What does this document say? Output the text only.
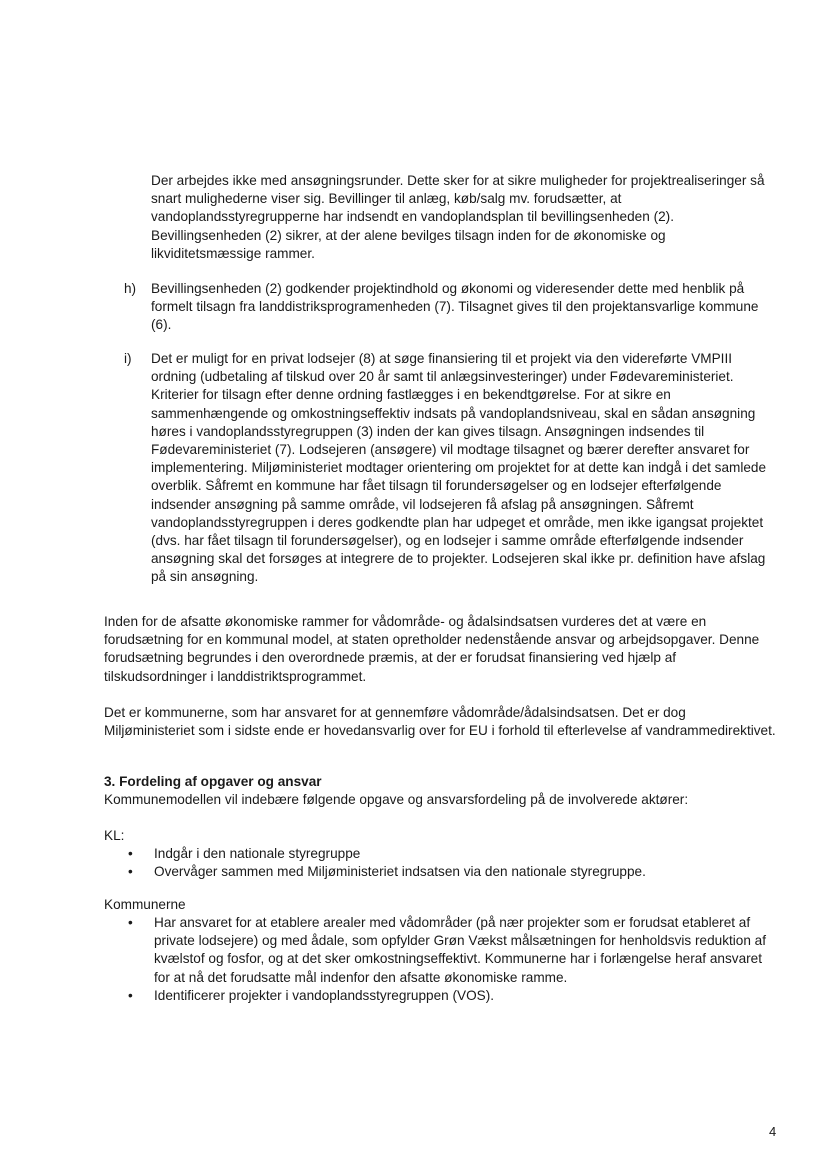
Der arbejdes ikke med ansøgningsrunder. Dette sker for at sikre muligheder for projektrealiseringer så snart mulighederne viser sig. Bevillinger til anlæg, køb/salg mv. forudsætter, at vandoplandsstyregrupperne har indsendt en vandoplandsplan til bevillingsenheden (2). Bevillingsenheden (2) sikrer, at der alene bevilges tilsagn inden for de økonomiske og likviditetsmæssige rammer.

h)	Bevillingsenheden (2) godkender projektindhold og økonomi og videresender dette med henblik på formelt tilsagn fra landdistriksprogramenheden (7). Tilsagnet gives til den projektansvarlige kommune (6).

i)	Det er muligt for en privat lodsejer (8) at søge finansiering til et projekt via den videreførte VMPIII ordning (udbetaling af tilskud over 20 år samt til anlægsinvesteringer) under Fødevareministeriet. Kriterier for tilsagn efter denne ordning fastlægges i en bekendtgørelse. For at sikre en sammenhængende og omkostningseffektiv indsats på vandoplandsniveau, skal en sådan ansøgning høres i vandoplandsstyregruppen (3) inden der kan gives tilsagn. Ansøgningen indsendes til Fødevareministeriet (7). Lodsejeren (ansøgere) vil modtage tilsagnet og bærer derefter ansvaret for implementering. Miljøministeriet modtager orientering om projektet for at dette kan indgå i det samlede overblik. Såfremt en kommune har fået tilsagn til forundersøgelser og en lodsejer efterfølgende indsender ansøgning på samme område, vil lodsejeren få afslag på ansøgningen. Såfremt vandoplandsstyregruppen i deres godkendte plan har udpeget et område, men ikke igangsat projektet (dvs. har fået tilsagn til forundersøgelser), og en lodsejer i samme område efterfølgende indsender ansøgning skal det forsøges at integrere de to projekter. Lodsejeren skal ikke pr. definition have afslag på sin ansøgning.

Inden for de afsatte økonomiske rammer for vådområde- og ådalsindsatsen vurderes det at være en forudsætning for en kommunal model, at staten opretholder nedenstående ansvar og arbejdsopgaver. Denne forudsætning begrundes i den overordnede præmis, at der er forudsat finansiering ved hjælp af tilskudsordninger i landdistriktsprogrammet.

Det er kommunerne, som har ansvaret for at gennemføre vådområde/ådalsindsatsen. Det er dog Miljøministeriet som i sidste ende er hovedansvarlig over for EU i forhold til efterlevelse af vandrammedirektivet.

3. Fordeling af opgaver og ansvar

Kommunemodellen vil indebære følgende opgave og ansvarsfordeling på de involverede aktører:

KL:

• Indgår i den nationale styregruppe
• Overvåger sammen med Miljøministeriet indsatsen via den nationale styregruppe.

Kommunerne

• Har ansvaret for at etablere arealer med vådområder (på nær projekter som er forudsat etableret af private lodsejere) og med ådale, som opfylder Grøn Vækst målsætningen for henholdsvis reduktion af kvælstof og fosfor, og at det sker omkostningseffektivt. Kommunerne har i forlængelse heraf ansvaret for at nå det forudsatte mål indenfor den afsatte økonomiske ramme.
• Identificerer projekter i vandoplandsstyregruppen (VOS).
4
